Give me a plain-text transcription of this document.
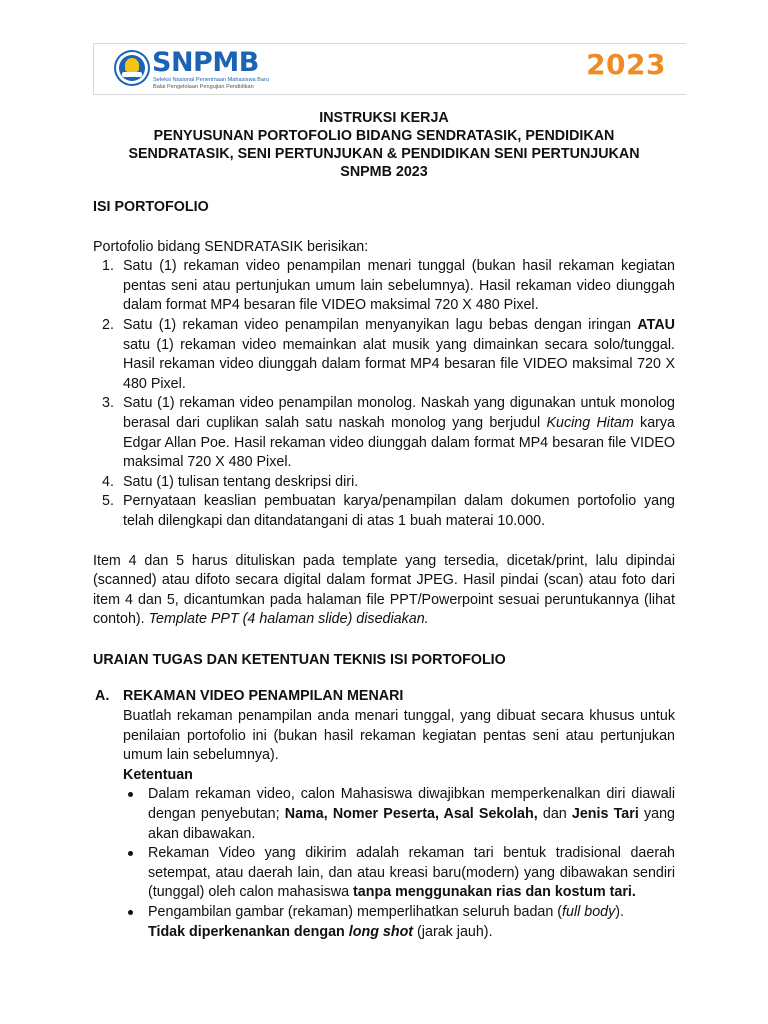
SNPMB
Seleksi Nasional Penerimaan Mahasiswa Baru
Balai Pengelolaan Pengujian Pendidikan
2023
INSTRUKSI KERJA
PENYUSUNAN PORTOFOLIO BIDANG SENDRATASIK, PENDIDIKAN
SENDRATASIK, SENI PERTUNJUKAN & PENDIDIKAN SENI PERTUNJUKAN
SNPMB 2023

ISI PORTOFOLIO

Portofolio bidang SENDRATASIK berisikan:

Satu (1) rekaman video penampilan menari tunggal (bukan hasil rekaman kegiatan pentas seni atau pertunjukan umum lain sebelumnya). Hasil rekaman video diunggah dalam format MP4 besaran file VIDEO maksimal 720 X 480 Pixel.
Satu (1) rekaman video penampilan menyanyikan lagu bebas dengan iringan ATAU satu (1) rekaman video memainkan alat musik yang dimainkan secara solo/tunggal. Hasil rekaman video diunggah dalam format MP4 besaran file VIDEO maksimal 720 X 480 Pixel.
Satu (1) rekaman video penampilan monolog. Naskah yang digunakan untuk monolog berasal dari cuplikan salah satu naskah monolog yang berjudul Kucing Hitam karya Edgar Allan Poe. Hasil rekaman video diunggah dalam format MP4 besaran file VIDEO maksimal 720 X 480 Pixel.
Satu (1) tulisan tentang deskripsi diri.
Pernyataan keaslian pembuatan karya/penampilan dalam dokumen portofolio yang telah dilengkapi dan ditandatangani di atas 1 buah materai 10.000.

Item 4 dan 5 harus dituliskan pada template yang tersedia, dicetak/print, lalu dipindai (scanned) atau difoto secara digital dalam format JPEG. Hasil pindai (scan) atau foto dari item 4 dan 5, dicantumkan pada halaman file PPT/Powerpoint sesuai peruntukannya (lihat contoh). Template PPT (4 halaman slide) disediakan.

URAIAN TUGAS DAN KETENTUAN TEKNIS ISI PORTOFOLIO

A. REKAMAN VIDEO PENAMPILAN MENARI

Buatlah rekaman penampilan anda menari tunggal, yang dibuat secara khusus untuk penilaian portofolio ini (bukan hasil rekaman kegiatan pentas seni atau pertunjukan umum lain sebelumnya).

Ketentuan

Dalam rekaman video, calon Mahasiswa diwajibkan memperkenalkan diri diawali dengan penyebutan; Nama, Nomer Peserta, Asal Sekolah, dan Jenis Tari yang akan dibawakan.
Rekaman Video yang dikirim adalah rekaman tari bentuk tradisional daerah setempat, atau daerah lain, dan atau kreasi baru(modern) yang dibawakan sendiri (tunggal) oleh calon mahasiswa tanpa menggunakan rias dan kostum tari.
Pengambilan gambar (rekaman) memperlihatkan seluruh badan (full body).
Tidak diperkenankan dengan long shot (jarak jauh).
